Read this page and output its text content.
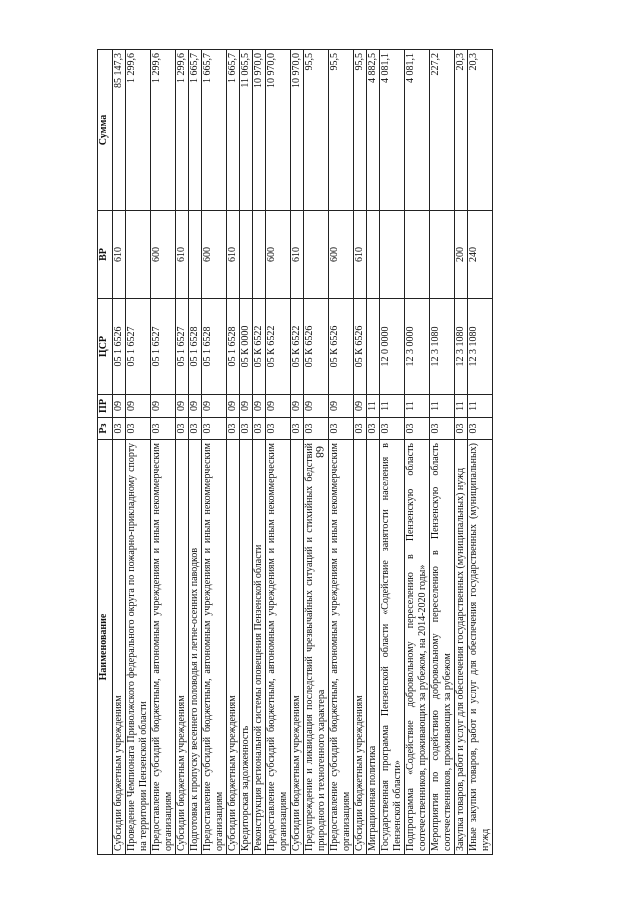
68
Наименование	Рз	ПР	ЦСР	ВР	Сумма
Субсидии бюджетным учреждениям	03	09	05 1 6526	610	85 147,3
Проведение Чемпионата Приволжского федерального округа по пожарно-прикладному спорту на территории Пензенской области	03	09	05 1 6527		1 299,6
Предоставление субсидий бюджетным, автономным учреждениям и иным некоммерческим организациям	03	09	05 1 6527	600	1 299,6
Субсидии бюджетным учреждениям	03	09	05 1 6527	610	1 299,6
Подготовка к пропуску весеннего половодья и летне-осенних паводков	03	09	05 1 6528		1 665,7
Предоставление субсидий бюджетным, автономным учреждениям и иным некоммерческим организациям	03	09	05 1 6528	600	1 665,7
Субсидии бюджетным учреждениям	03	09	05 1 6528	610	1 665,7
Кредиторская задолженность	03	09	05 К 0000		11 065,5
Реконструкция региональной системы оповещения Пензенской области	03	09	05 К 6522		10 970,0
Предоставление субсидий бюджетным, автономным учреждениям и иным некоммерческим организациям	03	09	05 К 6522	600	10 970,0
Субсидии бюджетным учреждениям	03	09	05 К 6522	610	10 970,0
Предупреждение и ликвидация последствий чрезвычайных ситуаций и стихийных бедствий природного и техногенного характера	03	09	05 К 6526		95,5
Предоставление субсидий бюджетным, автономным учреждениям и иным некоммерческим организациям	03	09	05 К 6526	600	95,5
Субсидии бюджетным учреждениям	03	09	05 К 6526	610	95,5
Миграционная политика	03	11			4 882,5
Государственная программа Пензенской области «Содействие занятости населения в Пензенской области»	03	11	12 0 0000		4 081,1
Подпрограмма «Содействие добровольному переселению в Пензенскую область соотечественников, проживающих за рубежом, на 2014-2020 годы»	03	11	12 3 0000		4 081,1
Мероприятия по содействию добровольному переселению в Пензенскую область соотечественников, проживающих за рубежом	03	11	12 3 1080		227,2
Закупка товаров, работ и услуг для обеспечения государственных (муниципальных) нужд	03	11	12 3 1080	200	20,3
Иные закупки товаров, работ и услуг для обеспечения государственных (муниципальных) нужд	03	11	12 3 1080	240	20,3
